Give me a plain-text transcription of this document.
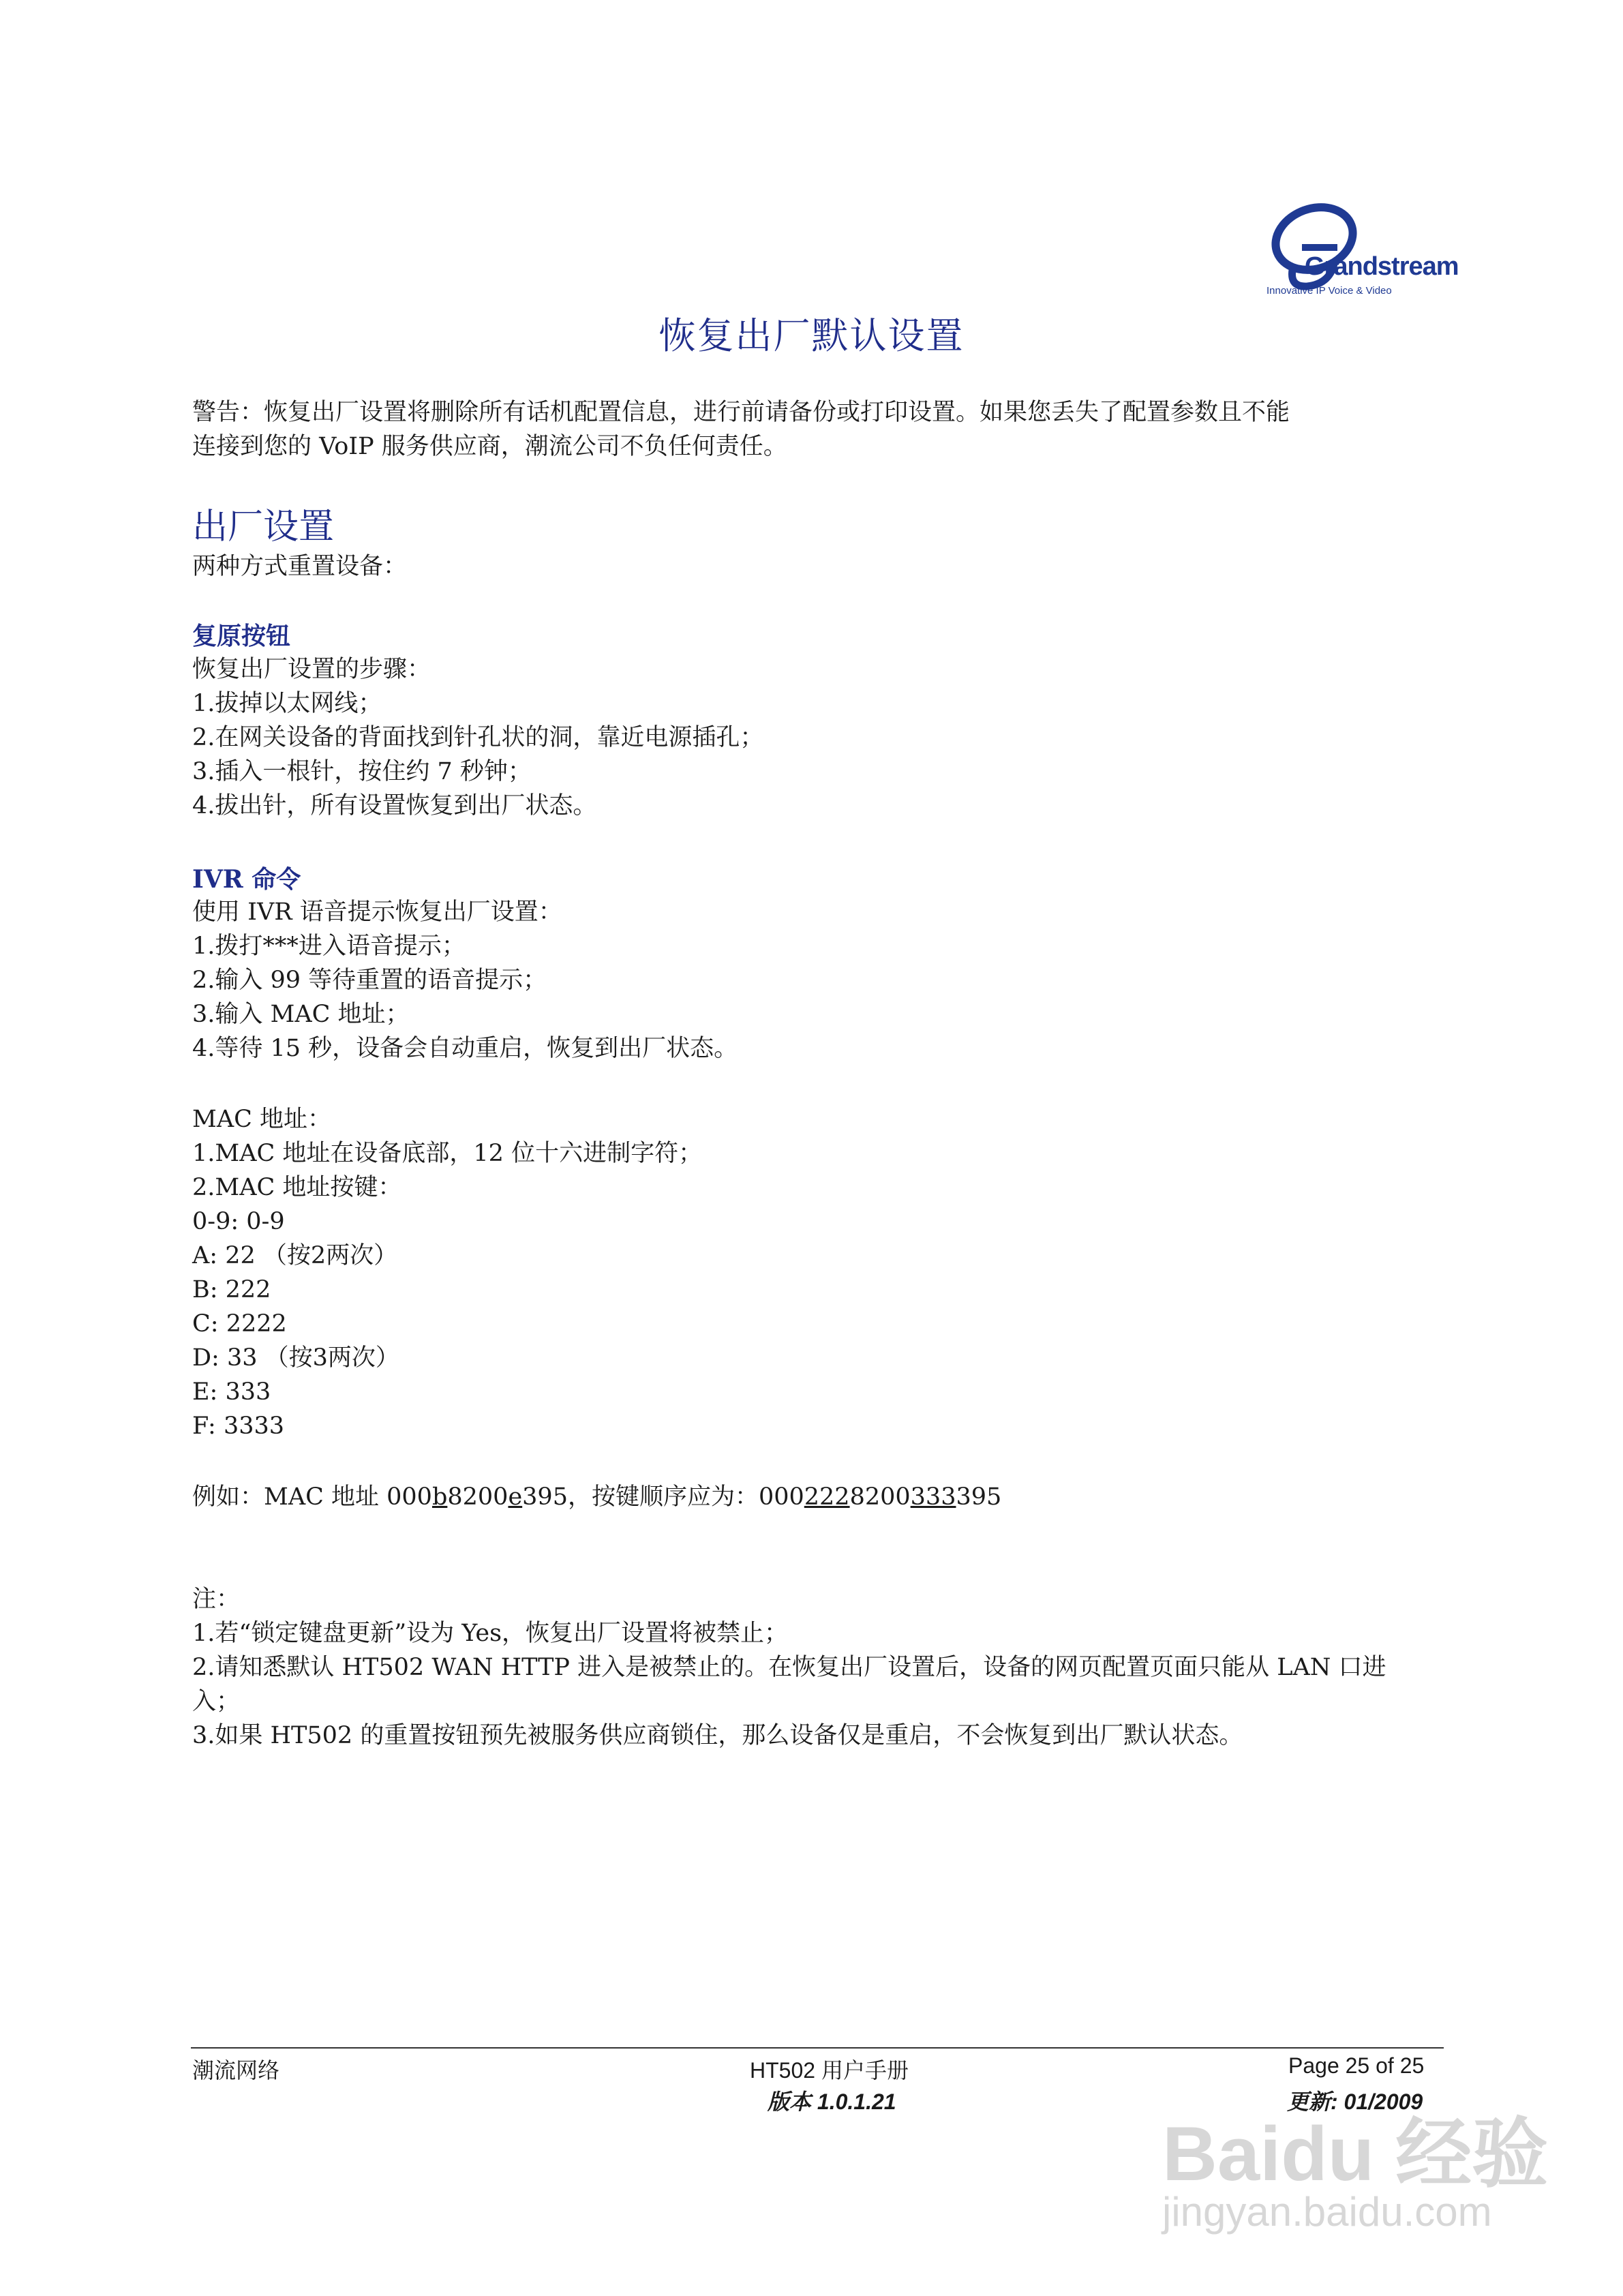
Grandstream
Innovative IP Voice & Video
恢复出厂默认设置
警告：恢复出厂设置将删除所有话机配置信息，进行前请备份或打印设置。如果您丢失了配置参数且不能
连接到您的 VoIP 服务供应商，潮流公司不负任何责任。
出厂设置
两种方式重置设备：
复原按钮
恢复出厂设置的步骤：
1.拔掉以太网线；
2.在网关设备的背面找到针孔状的洞，靠近电源插孔；
3.插入一根针，按住约 7 秒钟；
4.拔出针，所有设置恢复到出厂状态。
IVR 命令
使用 IVR 语音提示恢复出厂设置：
1.拨打***进入语音提示；
2.输入 99 等待重置的语音提示；
3.输入 MAC 地址；
4.等待 15 秒，设备会自动重启，恢复到出厂状态。
MAC 地址：
1.MAC 地址在设备底部，12 位十六进制字符；
2.MAC 地址按键：
0-9: 0-9
A: 22 （按2两次）
B: 222
C: 2222
D: 33 （按3两次）
E: 333
F: 3333
例如：MAC 地址 000b8200e395，按键顺序应为：0002228200333395
注：
1.若“锁定键盘更新”设为 Yes，恢复出厂设置将被禁止；
2.请知悉默认 HT502 WAN HTTP 进入是被禁止的。在恢复出厂设置后，设备的网页配置页面只能从 LAN 口进
入；
3.如果 HT502 的重置按钮预先被服务供应商锁住，那么设备仅是重启，不会恢复到出厂默认状态。
潮流网络	HT502 用户手册	Page 25 of 25
版本 1.0.1.21	更新: 01/2009
Baidu 经验
jingyan.baidu.com
